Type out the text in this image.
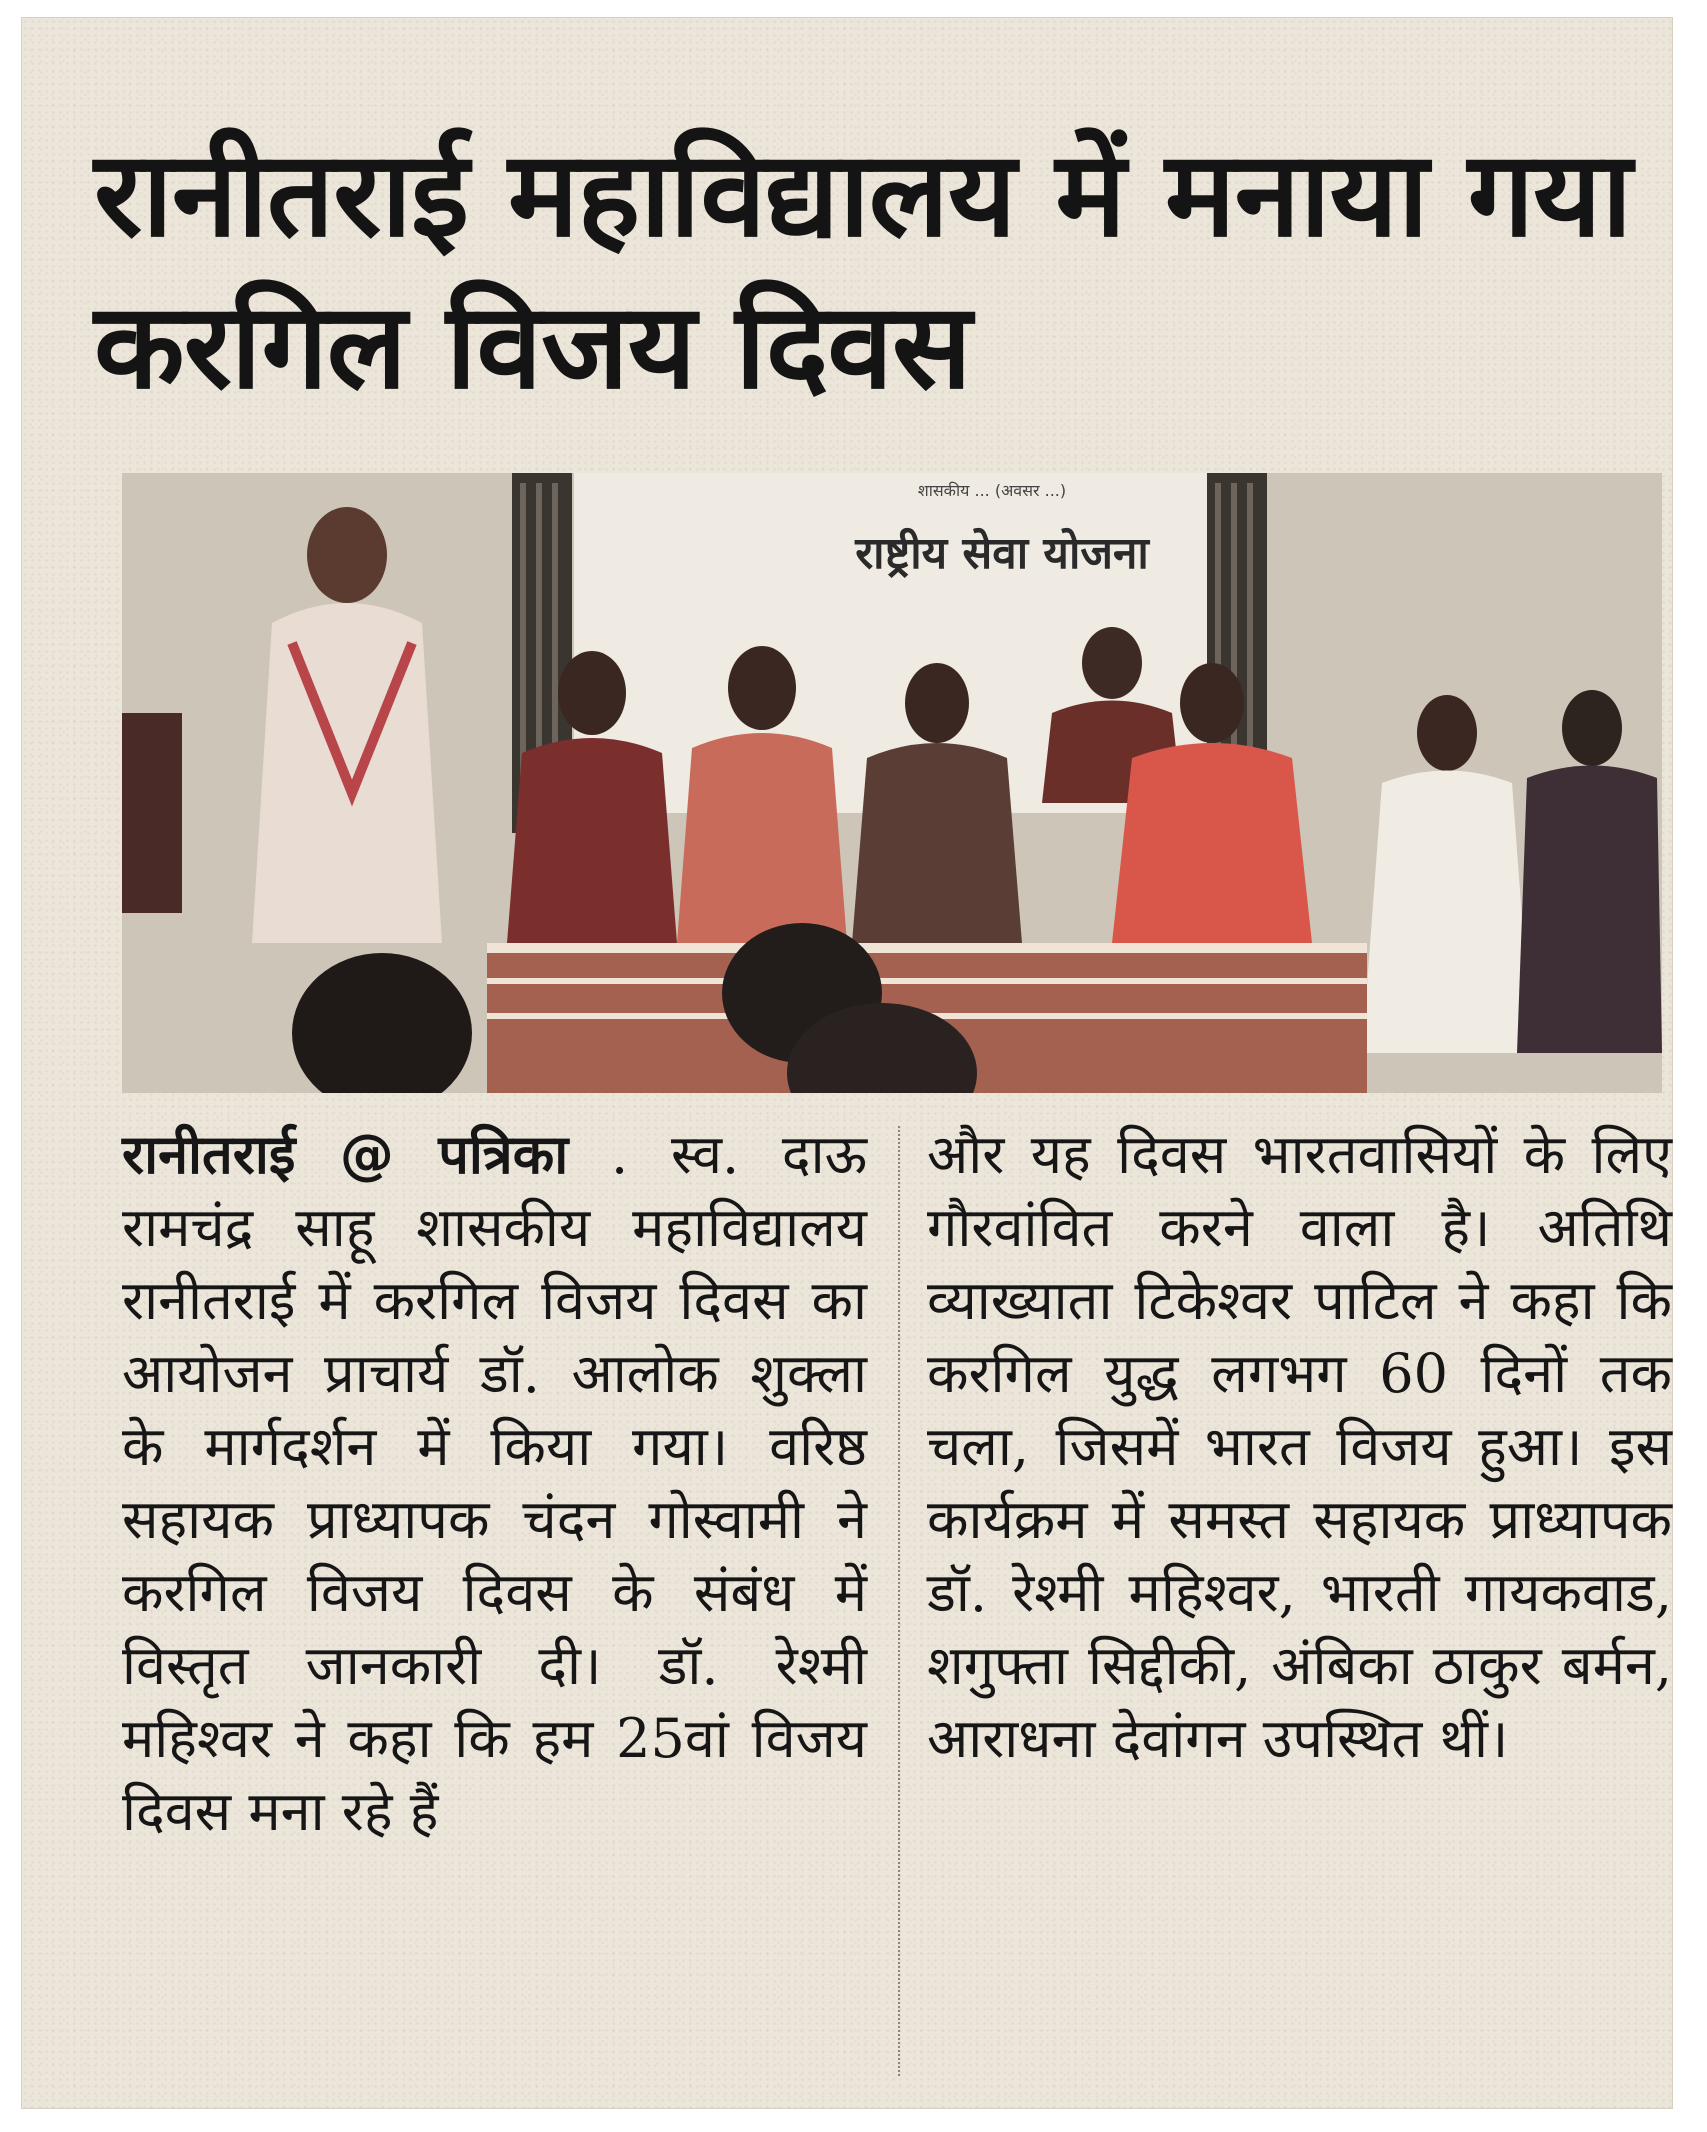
रानीतराई महाविद्यालय में मनाया गया करगिल विजय दिवस
शासकीय ... (अवसर ...)
राष्ट्रीय सेवा योजना

रानीतराई @ पत्रिका . स्व. दाऊ रामचंद्र साहू शासकीय महाविद्यालय रानीतराई में करगिल विजय दिवस का आयोजन प्राचार्य डॉ. आलोक शुक्ला के मार्गदर्शन में किया गया। वरिष्ठ सहायक प्राध्यापक चंदन गोस्वामी ने करगिल विजय दिवस के संबंध में विस्तृत जानकारी दी। डॉ. रेश्मी महिश्वर ने कहा कि हम 25वां विजय दिवस मना रहे हैं

और यह दिवस भारतवासियों के लिए गौरवांवित करने वाला है। अतिथि व्याख्याता टिकेश्वर पाटिल ने कहा कि करगिल युद्ध लगभग 60 दिनों तक चला, जिसमें भारत विजय हुआ। इस कार्यक्रम में समस्त सहायक प्राध्यापक डॉ. रेश्मी महिश्वर, भारती गायकवाड, शगुफ्ता सिद्दीकी, अंबिका ठाकुर बर्मन, आराधना देवांगन उपस्थित थीं।
